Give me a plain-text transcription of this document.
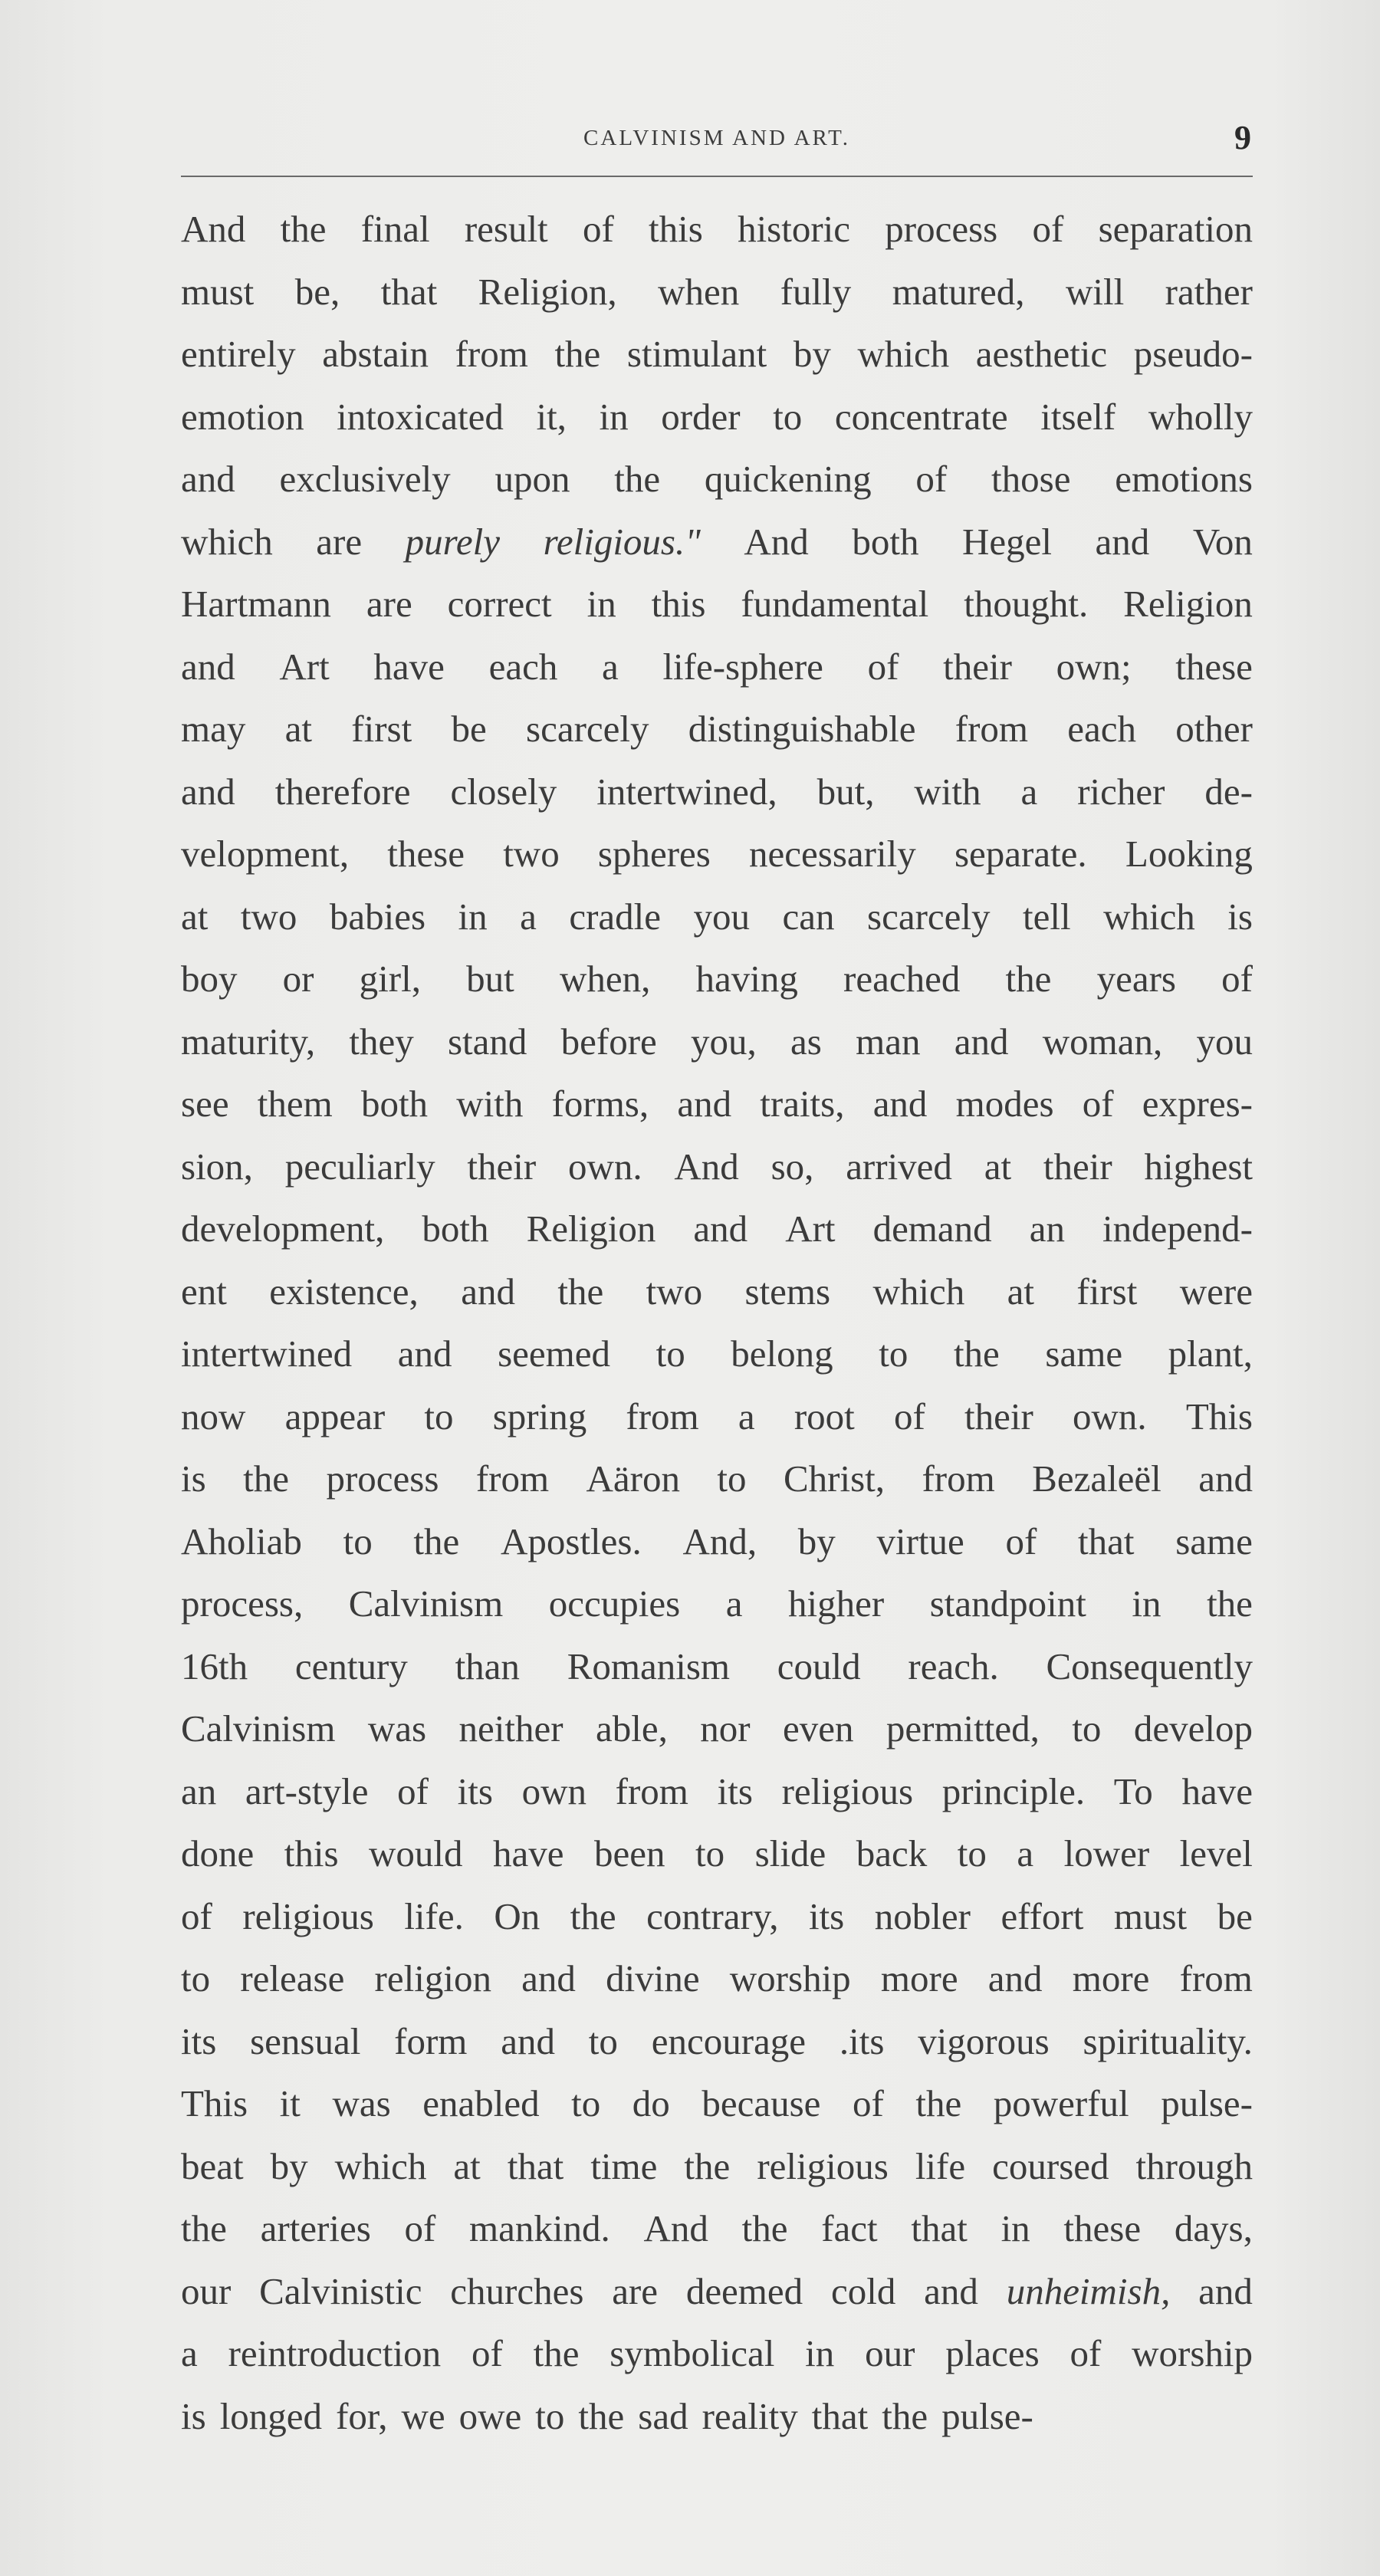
CALVINISM AND ART.	9
And the final result of this historic process of separation
must be, that Religion, when fully matured, will rather
entirely abstain from the stimulant by which aesthetic pseudo-
emotion intoxicated it, in order to concentrate itself wholly
and exclusively upon the quickening of those emotions
which are purely religious." And both Hegel and Von
Hartmann are correct in this fundamental thought. Religion
and Art have each a life-sphere of their own; these
may at first be scarcely distinguishable from each other
and therefore closely intertwined, but, with a richer de-
velopment, these two spheres necessarily separate. Looking
at two babies in a cradle you can scarcely tell which is
boy or girl, but when, having reached the years of
maturity, they stand before you, as man and woman, you
see them both with forms, and traits, and modes of expres-
sion, peculiarly their own. And so, arrived at their highest
development, both Religion and Art demand an independ-
ent existence, and the two stems which at first were
intertwined and seemed to belong to the same plant,
now appear to spring from a root of their own. This
is the process from Aäron to Christ, from Bezaleël and
Aholiab to the Apostles. And, by virtue of that same
process, Calvinism occupies a higher standpoint in the
16th century than Romanism could reach. Consequently
Calvinism was neither able, nor even permitted, to develop
an art-style of its own from its religious principle. To have
done this would have been to slide back to a lower level
of religious life. On the contrary, its nobler effort must be
to release religion and divine worship more and more from
its sensual form and to encourage .its vigorous spirituality.
This it was enabled to do because of the powerful pulse-
beat by which at that time the religious life coursed through
the arteries of mankind. And the fact that in these days,
our Calvinistic churches are deemed cold and unheimish, and
a reintroduction of the symbolical in our places of worship
is longed for, we owe to the sad reality that the pulse-
